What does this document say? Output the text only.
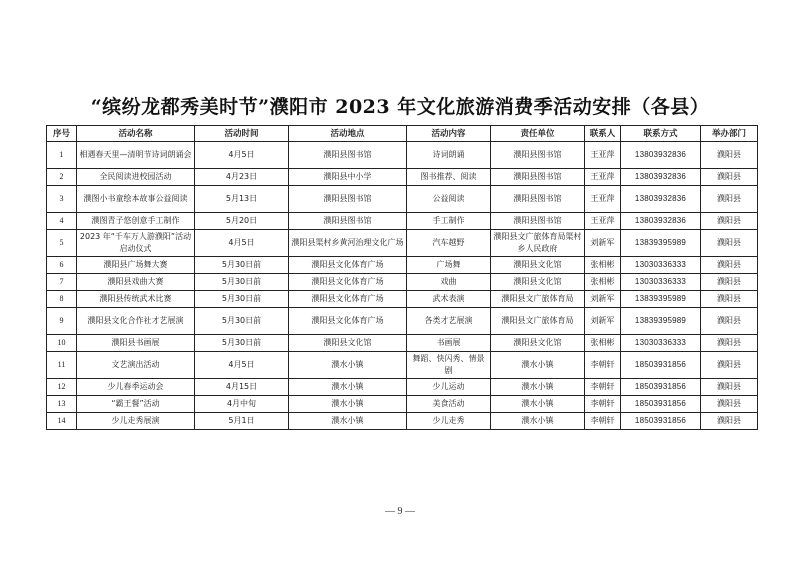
“缤纷龙都秀美时节”濮阳市 2023 年文化旅游消费季活动安排（各县）
序号	活动名称	活动时间	活动地点	活动内容	责任单位	联系人	联系方式	举办部门
1	相遇春天里—清明节诗词朗诵会	4月5日	濮阳县图书馆	诗词朗诵	濮阳县图书馆	王亚萍	13803932836	濮阳县
2	全民阅读进校园活动	4月23日	濮阳县中小学	图书推荐、阅读	濮阳县图书馆	王亚萍	13803932836	濮阳县
3	濮图小书童绘本故事公益阅读	5月13日	濮阳县图书馆	公益阅读	濮阳县图书馆	王亚萍	13803932836	濮阳县
4	濮图青子悠创意手工制作	5月20日	濮阳县图书馆	手工制作	濮阳县图书馆	王亚萍	13803932836	濮阳县
5	2023 年“千车万人游濮阳”活动启动仪式	4月5日	濮阳县渠村乡黄河治理文化广场	汽车越野	濮阳县文广旅体育局渠村乡人民政府	刘新军	13839395989	濮阳县
6	濮阳县广场舞大赛	5月30日前	濮阳县文化体育广场	广场舞	濮阳县文化馆	张相彬	13030336333	濮阳县
7	濮阳县戏曲大赛	5月30日前	濮阳县文化体育广场	戏曲	濮阳县文化馆	张相彬	13030336333	濮阳县
8	濮阳县传统武术比赛	5月30日前	濮阳县文化体育广场	武术表演	濮阳县文广旅体育局	刘新军	13839395989	濮阳县
9	濮阳县文化合作社才艺展演	5月30日前	濮阳县文化体育广场	各类才艺展演	濮阳县文广旅体育局	刘新军	13839395989	濮阳县
10	濮阳县书画展	5月30日前	濮阳县文化馆	书画展	濮阳县文化馆	张相彬	13030336333	濮阳县
11	文艺演出活动	4月5日	濮水小镇	舞蹈、快闪秀、情景剧	濮水小镇	李朝轩	18503931856	濮阳县
12	少儿春季运动会	4月15日	濮水小镇	少儿运动	濮水小镇	李朝轩	18503931856	濮阳县
13	“霸王餐”活动	4月中旬	濮水小镇	美食活动	濮水小镇	李朝轩	18503931856	濮阳县
14	少儿走秀展演	5月1日	濮水小镇	少儿走秀	濮水小镇	李朝轩	18503931856	濮阳县
— 9 —
